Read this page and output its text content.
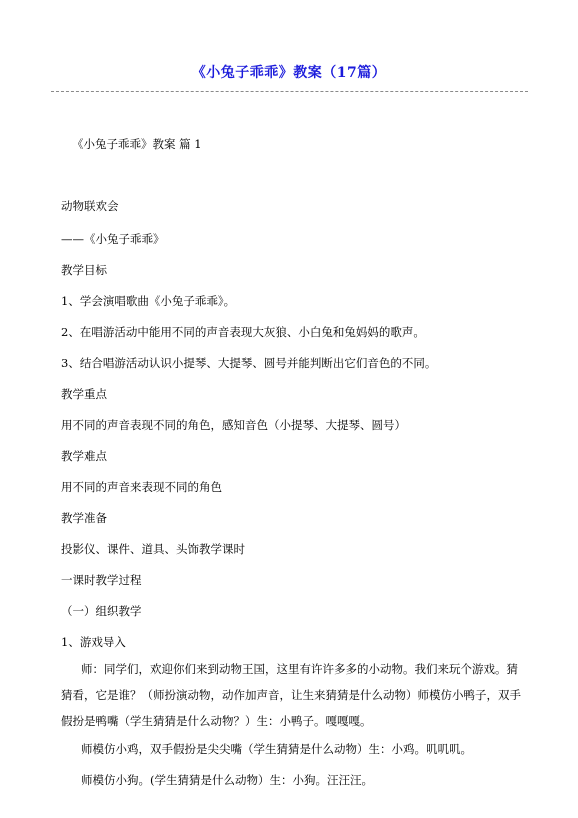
《小兔子乖乖》教案（17篇）
《小兔子乖乖》教案 篇 1
动物联欢会
——《小兔子乖乖》
教学目标
1、学会演唱歌曲《小兔子乖乖》。
2、在唱游活动中能用不同的声音表现大灰狼、小白兔和兔妈妈的歌声。
3、结合唱游活动认识小提琴、大提琴、圆号并能判断出它们音色的不同。
教学重点
用不同的声音表现不同的角色，感知音色（小提琴、大提琴、圆号）
教学难点
用不同的声音来表现不同的角色
教学准备
投影仪、课件、道具、头饰教学课时
一课时教学过程
（一）组织教学
1、游戏导入
师：同学们，欢迎你们来到动物王国，这里有许许多多的小动物。我们来玩个游戏。猜猜看，它是谁？（师扮演动物，动作加声音，让生来猜猜是什么动物）师模仿小鸭子，双手假扮是鸭嘴（学生猜猜是什么动物？）生：小鸭子。嘎嘎嘎。
师模仿小鸡，双手假扮是尖尖嘴（学生猜猜是什么动物）生：小鸡。叽叽叽。
师模仿小狗。(学生猜猜是什么动物）生：小狗。汪汪汪。
